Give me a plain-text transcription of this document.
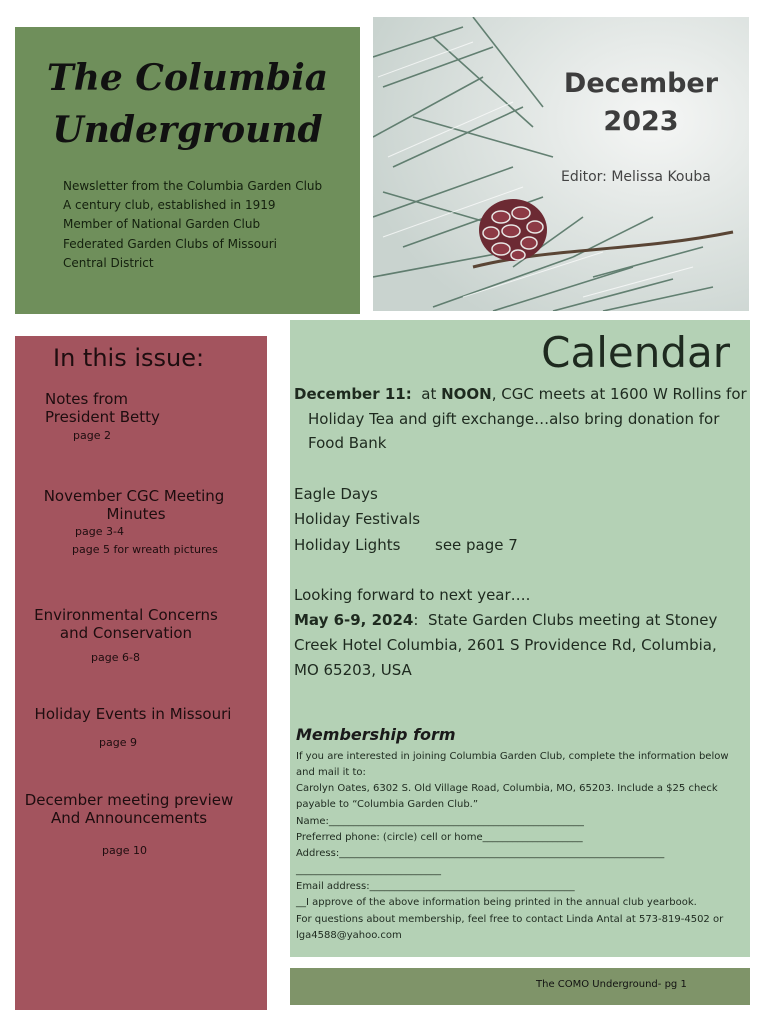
The Columbia
Underground
Newsletter from the Columbia Garden Club
A century club, established in 1919
Member of National Garden Club
Federated Garden Clubs of Missouri
Central District
December
2023
Editor: Melissa Kouba
In this issue:
Notes from
President Betty
page 2
November CGC Meeting
Minutes
page 3-4
page 5 for wreath pictures
Environmental Concerns
and Conservation
page 6-8
Holiday Events in Missouri
page 9
December meeting preview
And Announcements
page 10
Calendar
December 11:  at NOON, CGC meets at 1600 W Rollins for
Holiday Tea and gift exchange…also bring donation for
Food Bank
Eagle Days
Holiday Festivals
Holiday Lights see page 7
Looking forward to next year….
May 6-9, 2024:  State Garden Clubs meeting at Stoney
Creek Hotel Columbia, 2601 S Providence Rd, Columbia,
MO 65203, USA
Membership form
If you are interested in joining Columbia Garden Club, complete the information below
and mail it to:
Carolyn Oates, 6302 S. Old Village Road, Columbia, MO, 65203. Include a $25 check
payable to “Columbia Garden Club.”
Name:___________________________________________________
Preferred phone: (circle) cell or home____________________
Address:_________________________________________________________________
_____________________________
Email address:_________________________________________
__I approve of the above information being printed in the annual club yearbook.
For questions about membership, feel free to contact Linda Antal at 573-819-4502 or
lga4588@yahoo.com
The COMO Underground- pg 1
